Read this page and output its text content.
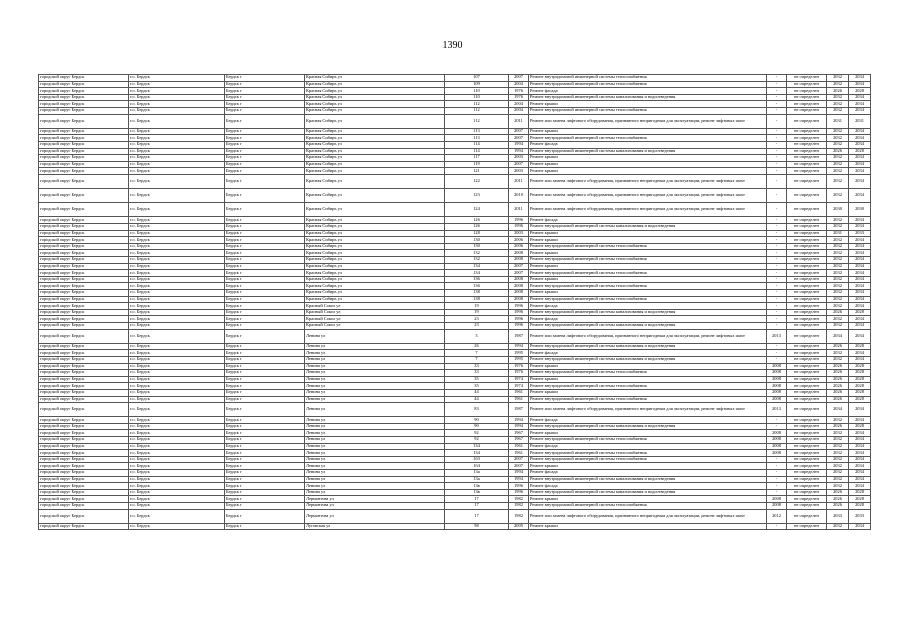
1390
городской округ Бердск	г.о. Бердск	Бердск г	Красная Сибирь ул	107	2007	Ремонт внутридомовой инженерной системы теплоснабжения	-	не определен	2032	2034
городской округ Бердск	г.о. Бердск	Бердск г	Красная Сибирь ул	109	2004	Ремонт внутридомовой инженерной системы теплоснабжения	-	не определен	2032	2034
городской округ Бердск	г.о. Бердск	Бердск г	Красная Сибирь ул	110	1976	Ремонт фасада	-	не определен	2026	2028
городской округ Бердск	г.о. Бердск	Бердск г	Красная Сибирь ул	110	1976	Ремонт внутридомовой инженерной системы канализования и водоотведения	-	не определен	2032	2034
городской округ Бердск	г.о. Бердск	Бердск г	Красная Сибирь ул	112	2004	Ремонт крыши	-	не определен	2032	2034
городской округ Бердск	г.о. Бердск	Бердск г	Красная Сибирь ул	112	2004	Ремонт внутридомовой инженерной системы теплоснабжения	-	не определен	2032	2034
городской округ Бердск	г.о. Бердск	Бердск г	Красная Сибирь ул	112	2011	Ремонт или замена лифтового оборудования, признанного непригодным для эксплуатации, ремонт лифтовых шахт	-	не определен	2031	2031
городской округ Бердск	г.о. Бердск	Бердск г	Красная Сибирь ул	113	2007	Ремонт крыши	-	не определен	2032	2034
городской округ Бердск	г.о. Бердск	Бердск г	Красная Сибирь ул	113	2007	Ремонт внутридомовой инженерной системы теплоснабжения	-	не определен	2032	2034
городской округ Бердск	г.о. Бердск	Бердск г	Красная Сибирь ул	114	1994	Ремонт фасада	-	не определен	2032	2034
городской округ Бердск	г.о. Бердск	Бердск г	Красная Сибирь ул	114	1994	Ремонт внутридомовой инженерной системы канализования и водоотведения	-	не определен	2026	2028
городской округ Бердск	г.о. Бердск	Бердск г	Красная Сибирь ул	117	2003	Ремонт крыши	-	не определен	2032	2034
городской округ Бердск	г.о. Бердск	Бердск г	Красная Сибирь ул	119	2007	Ремонт крыши	-	не определен	2032	2034
городской округ Бердск	г.о. Бердск	Бердск г	Красная Сибирь ул	121	2003	Ремонт крыши	-	не определен	2032	2034
городской округ Бердск	г.о. Бердск	Бердск г	Красная Сибирь ул	122	2011	Ремонт или замена лифтового оборудования, признанного непригодным для эксплуатации, ремонт лифтовых шахт	-	не определен	2032	2034
городской округ Бердск	г.о. Бердск	Бердск г	Красная Сибирь ул	123	2010	Ремонт или замена лифтового оборудования, признанного непригодным для эксплуатации, ремонт лифтовых шахт	-	не определен	2032	2034
городской округ Бердск	г.о. Бердск	Бердск г	Красная Сибирь ул	124	2011	Ремонт или замена лифтового оборудования, признанного непригодным для эксплуатации, ремонт лифтовых шахт	-	не определен	2030	2030
городской округ Бердск	г.о. Бердск	Бердск г	Красная Сибирь ул	126	1996	Ремонт фасада	-	не определен	2032	2034
городской округ Бердск	г.о. Бердск	Бердск г	Красная Сибирь ул	126	1996	Ремонт внутридомовой инженерной системы канализования и водоотведения	-	не определен	2032	2034
городской округ Бердск	г.о. Бердск	Бердск г	Красная Сибирь ул	128	2003	Ремонт крыши	-	не определен	2031	2033
городской округ Бердск	г.о. Бердск	Бердск г	Красная Сибирь ул	130	2006	Ремонт крыши	-	не определен	2032	2034
городской округ Бердск	г.о. Бердск	Бердск г	Красная Сибирь ул	130	2006	Ремонт внутридомовой инженерной системы теплоснабжения	-	не определен	2032	2034
городской округ Бердск	г.о. Бердск	Бердск г	Красная Сибирь ул	132	2008	Ремонт крыши	-	не определен	2032	2034
городской округ Бердск	г.о. Бердск	Бердск г	Красная Сибирь ул	132	2008	Ремонт внутридомовой инженерной системы теплоснабжения	-	не определен	2032	2034
городской округ Бердск	г.о. Бердск	Бердск г	Красная Сибирь ул	134	2007	Ремонт крыши	-	не определен	2032	2034
городской округ Бердск	г.о. Бердск	Бердск г	Красная Сибирь ул	134	2007	Ремонт внутридомовой инженерной системы теплоснабжения	-	не определен	2032	2034
городской округ Бердск	г.о. Бердск	Бердск г	Красная Сибирь ул	136	2008	Ремонт крыши	-	не определен	2032	2034
городской округ Бердск	г.о. Бердск	Бердск г	Красная Сибирь ул	136	2008	Ремонт внутридомовой инженерной системы теплоснабжения	-	не определен	2032	2034
городской округ Бердск	г.о. Бердск	Бердск г	Красная Сибирь ул	138	2008	Ремонт крыши	-	не определен	2032	2034
городской округ Бердск	г.о. Бердск	Бердск г	Красная Сибирь ул	138	2008	Ремонт внутридомовой инженерной системы теплоснабжения	-	не определен	2032	2034
городской округ Бердск	г.о. Бердск	Бердск г	Красный Сокол ул	19	1996	Ремонт фасада	-	не определен	2032	2034
городской округ Бердск	г.о. Бердск	Бердск г	Красный Сокол ул	19	1996	Ремонт внутридомовой инженерной системы канализования и водоотведения	-	не определен	2026	2028
городской округ Бердск	г.о. Бердск	Бердск г	Красный Сокол ул	23	1996	Ремонт фасада	-	не определен	2032	2034
городской округ Бердск	г.о. Бердск	Бердск г	Красный Сокол ул	23	1996	Ремонт внутридомовой инженерной системы канализования и водоотведения	-	не определен	2032	2034
городской округ Бердск	г.о. Бердск	Бердск г	Ленина ул	3	1987	Ремонт или замена лифтового оборудования, признанного непригодным для эксплуатации, ремонт лифтовых шахт	2013	не определен	2034	2034
городской округ Бердск	г.о. Бердск	Бердск г	Ленина ул	26	1994	Ремонт внутридомовой инженерной системы канализования и водоотведения	-	не определен	2026	2028
городской округ Бердск	г.о. Бердск	Бердск г	Ленина ул	7	1995	Ремонт фасада	-	не определен	2032	2034
городской округ Бердск	г.о. Бердск	Бердск г	Ленина ул	7	1995	Ремонт внутридомовой инженерной системы канализования и водоотведения	-	не определен	2032	2034
городской округ Бердск	г.о. Бердск	Бердск г	Ленина ул	33	1976	Ремонт крыши	2008	не определен	2026	2028
городской округ Бердск	г.о. Бердск	Бердск г	Ленина ул	33	1976	Ремонт внутридомовой инженерной системы теплоснабжения	2008	не определен	2026	2028
городской округ Бердск	г.о. Бердск	Бердск г	Ленина ул	35	1974	Ремонт крыши	2008	не определен	2026	2028
городской округ Бердск	г.о. Бердск	Бердск г	Ленина ул	35	1974	Ремонт внутридомовой инженерной системы теплоснабжения	2008	не определен	2026	2028
городской округ Бердск	г.о. Бердск	Бердск г	Ленина ул	44	1961	Ремонт крыши	2008	не определен	2026	2028
городской округ Бердск	г.о. Бердск	Бердск г	Ленина ул	44	1961	Ремонт внутридомовой инженерной системы теплоснабжения	2008	не определен	2026	2028
городской округ Бердск	г.о. Бердск	Бердск г	Ленина ул	83	1987	Ремонт или замена лифтового оборудования, признанного непригодным для эксплуатации, ремонт лифтовых шахт	2013	не определен	2034	2034
городской округ Бердск	г.о. Бердск	Бердск г	Ленина ул	90	1994	Ремонт фасада	-	не определен	2032	2034
городской округ Бердск	г.о. Бердск	Бердск г	Ленина ул	90	1994	Ремонт внутридомовой инженерной системы канализования и водоотведения	-	не определен	2026	2028
городской округ Бердск	г.о. Бердск	Бердск г	Ленина ул	92	1967	Ремонт крыши	2008	не определен	2032	2034
городской округ Бердск	г.о. Бердск	Бердск г	Ленина ул	92	1967	Ремонт внутридомовой инженерной системы теплоснабжения	2008	не определен	2032	2034
городской округ Бердск	г.о. Бердск	Бердск г	Ленина ул	134	1961	Ремонт фасада	2008	не определен	2032	2034
городской округ Бердск	г.о. Бердск	Бердск г	Ленина ул	134	1961	Ремонт внутридомовой инженерной системы теплоснабжения	2008	не определен	2032	2034
городской округ Бердск	г.о. Бердск	Бердск г	Ленина ул	1б3	2007	Ремонт внутридомовой инженерной системы теплоснабжения	-	не определен	2032	2034
городской округ Бердск	г.о. Бердск	Бердск г	Ленина ул	1б4	2007	Ремонт крыши	-	не определен	2032	2034
городской округ Бердск	г.о. Бердск	Бердск г	Ленина ул	13а	1994	Ремонт фасада	-	не определен	2032	2034
городской округ Бердск	г.о. Бердск	Бердск г	Ленина ул	13а	1994	Ремонт внутридомовой инженерной системы канализования и водоотведения	-	не определен	2032	2034
городской округ Бердск	г.о. Бердск	Бердск г	Ленина ул	13в	1996	Ремонт фасада	-	не определен	2032	2034
городской округ Бердск	г.о. Бердск	Бердск г	Ленина ул	13в	1996	Ремонт внутридомовой инженерной системы канализования и водоотведения	-	не определен	2026	2028
городской округ Бердск	г.о. Бердск	Бердск г	Лермонтова ул	17	1982	Ремонт крыши	2008	не определен	2026	2028
городской округ Бердск	г.о. Бердск	Бердск г	Лермонтова ул	17	1982	Ремонт внутридомовой инженерной системы теплоснабжения	2008	не определен	2026	2028
городской округ Бердск	г.о. Бердск	Бердск г	Лермонтова ул	17	1982	Ремонт или замена лифтового оборудования, признанного непригодным для эксплуатации, ремонт лифтовых шахт	2012	не определен	2033	2033
городской округ Бердск	г.о. Бердск	Бердск г	Луговская ул	98	2005	Ремонт крыши	-	не определен	2032	2034
